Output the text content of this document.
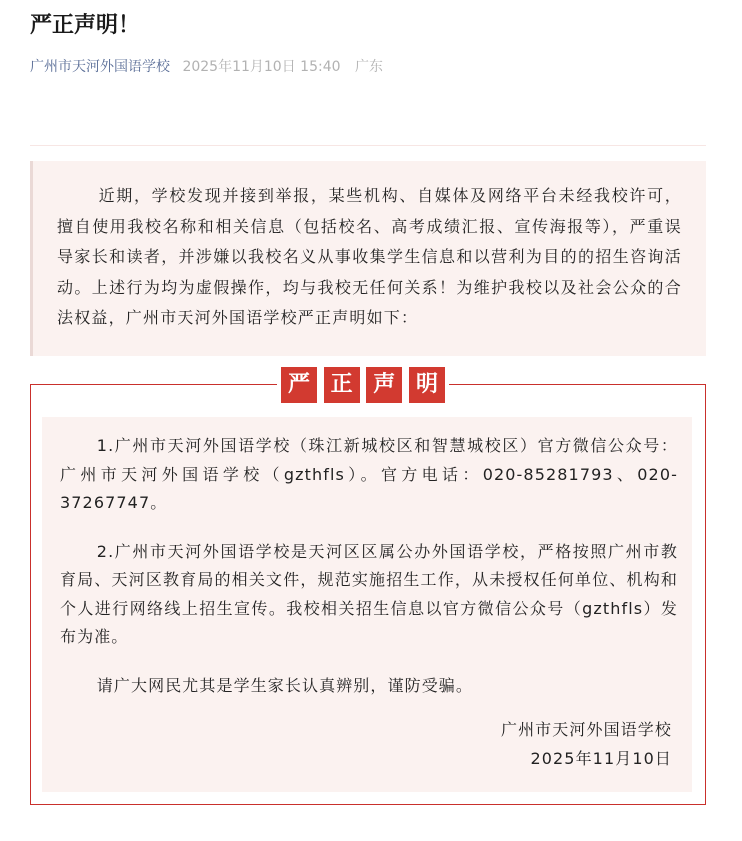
严正声明！
广州市天河外国语学校 2025年11月10日 15:40 广东

近期，学校发现并接到举报，某些机构、自媒体及网络平台未经我校许可，擅自使用我校名称和相关信息（包括校名、高考成绩汇报、宣传海报等），严重误导家长和读者，并涉嫌以我校名义从事收集学生信息和以营利为目的的招生咨询活动。上述行为均为虚假操作，均与我校无任何关系！为维护我校以及社会公众的合法权益，广州市天河外国语学校严正声明如下：

严 正 声 明

1.广州市天河外国语学校（珠江新城校区和智慧城校区）官方微信公众号：广州市天河外国语学校（gzthfls）。官方电话：020-85281793、020-37267747。

2.广州市天河外国语学校是天河区区属公办外国语学校，严格按照广州市教育局、天河区教育局的相关文件，规范实施招生工作，从未授权任何单位、机构和个人进行网络线上招生宣传。我校相关招生信息以官方微信公众号（gzthfls）发布为准。

请广大网民尤其是学生家长认真辨别，谨防受骗。

广州市天河外国语学校
2025年11月10日
